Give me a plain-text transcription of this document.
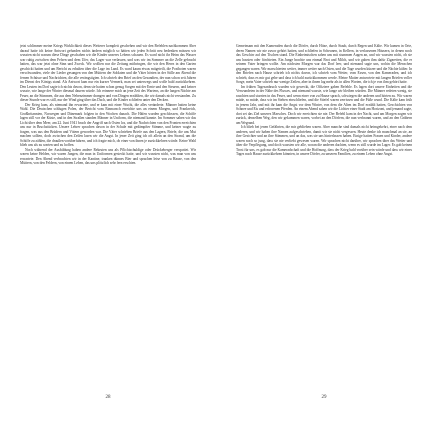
jetzt schlimmer meine Kriegs Wirklichkeit dieses Weiterer komplett geschehen und wir den Befehlen nachkommen Aber darauf hatte ich keine Antwort gefunden nichts ändern möglich so hätten wir jeden Schritt neu bedenken müssen wir wussten nicht warum diese Dinge geschahen wir die Kinder unseres Lebens schauen. Es ward nicht ihr Heim das Wasser war ruhig zwischen dem Felsen und dem Ufer, das Lager war verlassen, und was wir im Sommer an die Zelle gebracht hatten, das war jetzt ohne Sinn und Zweck. Wir wollten nur die Zeitung mitbringen, die wir den Herrn in den Garten geschickt hatten und um Bericht zu erhalten über die Lage im Land. Es ward kaum etwas mitgeteilt, die Postboten waren verschwunden, viele der Lieder gesungen von den Müttern der Soldaten und die Väter hörten in der Stille am Abend die fernen Schüsse und Nachrichten, die alle verängstigten. Ich schrieb den Brief an den Gesandten, der nun schon seit Jahren im Dienst des Königs stand. Als Antwort kam nur ein kurzer Vermerk, man sei unterwegs und wolle bald zurückkehren. Den Leuten im Dorf sagte ich nichts davon, denn sie hatten schon genug Sorgen mit der Ernte und den Steuern, und keiner wusste, wie lange der Winter diesmal dauern würde. Ich erinnere mich an jene Zeit des Wartens, an die langen Nächte am Feuer, an die Stimmen, die aus dem Nebenzimmer drangen und von Dingen erzählten, die wir damals nicht verstanden. Zu dieser Stunde war es still, nur der Wind ging über das Dach, und die Kinder schliefen unter den Decken.

Der Krieg kam, als niemand ihn erwartete, und er kam mit einer Wucht, die alles veränderte. Männer hatten keine Wahl. Die Deutschen schlugen Polen, der Bericht vom Einmarsch erreichte uns an einem Morgen, und Frankreich, Großbritannien, Norwegen und Dänemark folgten in den Wochen danach. Die Häfen wurden geschlossen, die Schiffe lagen still vor der Küste, und in den Straßen standen Männer in Uniform, die niemand kannte. Im Sommer sahen wir das Licht über dem Meer, am 22. Juni 1941 brach der Angriff nach Osten los, und die Nachrichten von den Fronten erreichten uns nur in Bruchstücken. Unsere Lehrer sprachen davon in der Schule mit gedämpfter Stimme, und keiner wagte zu fragen, was aus den Brüdern und Vätern geworden war. Die Väter schrieben Briefe aus den Lagern, Briefe, die uns Mut machen sollten, doch zwischen den Zeilen lasen wir die Angst. In jener Zeit ging ich oft allein an den Strand, um die Schiffe zu zählen, die draußen vorüberfuhren, und ich fragte mich, ob einer von ihnen je zurückkehren würde. Keine Wahl blieb uns als zu warten und zu hoffen.

Noch während der Ausbildung haben andere Rekruten uns als Pflichtschuldige oder Drückeberger verspottet. Wir waren keine Helden, wir waren Jungen, die man in Uniformen gesteckt hatte, und wir wussten nicht, was man von uns erwartete. Den Abend verbrachten wir in der Kantine, tranken dünnes Bier und sprachen leise von zu Hause, von den Müttern, von den Feldern, von einem Leben, das uns plötzlich sehr fern erschien.

28

Gemeinsam mit den Kameraden durch die Dörfer, durch Hitze, durch Staub, durch Regen und Kälte. Wir kamen in Orte, deren Namen wir nie zuvor gehört hatten, und schliefen in Scheunen, in Kellern, in verlassenen Häusern, in denen noch das Geschirr auf den Tischen stand. Die Einheimischen sahen uns mit stummen Augen an, und wir wussten nicht, ob sie uns hassten oder fürchteten. Ein Junge brachte uns einmal Brot und Milch, und wir gaben ihm dafür Zigaretten, die er seinem Vater bringen wollte. Am nächsten Morgen war das Dorf leer, und niemand sagte uns, wohin die Menschen gegangen waren. Wir marschierten weiter, immer weiter nach Osten, und die Tage wurden kürzer und die Nächte kälter. In den Briefen nach Hause schrieb ich nichts davon, ich schrieb vom Wetter, vom Essen, von den Kameraden, und ich schrieb, dass es mir gut gehe und dass ich bald zurückkommen werde. Meine Mutter antwortete mit langen Briefen voller Sorge, mein Vater schrieb nur wenige Zeilen, aber in ihnen lag mehr als in allen Worten, die ich je von ihm gehört hatte.

Im frühen Tagesanbruch wurden wir geweckt, die Offiziere gaben Befehle. Es lagen dort unsere Einheiten und die Verwundeten in der Nähe des Flusses, und niemand wusste, wie lange wir bleiben würden. Die Männer redeten wenig, sie rauchten und starrten in das Feuer, und wenn einer von zu Hause sprach, schwiegen die anderen und hörten zu. Wir waren müde, so müde, dass wir im Stehen einschliefen, und die Stiefel waren zerrissen und die Füße wund. Die Kälte kam früh in jenem Jahr, und mit ihr kam die Angst vor dem Winter, von dem die Alten im Dorf erzählt hatten, Geschichten von Schnee und Eis und erfrorenen Pferden. An einem Abend sahen wir die Lichter einer Stadt am Horizont, und jemand sagte, dort sei das Ziel unseres Marsches. Doch wir erreichten sie nie. Der Befehl kam in der Nacht, und am Morgen zogen wir zurück, denselben Weg, den wir gekommen waren, vorbei an den Dörfern, die nun verbrannt waren, und an den Gräbern am Wegrand.

Ich blieb bei jenen Gefährten, die mir geblieben waren. Aber manche sind damals nicht heimgekehrt, einer nach dem anderen, und wir haben ihre Namen aufgeschrieben, damit wir sie nicht vergessen. Heute denke ich manchmal an sie, an ihre Gesichter und an ihre Stimmen, und an das, was sie uns hinterlassen haben. Einige hatten Frauen und Kinder, andere waren noch so jung, dass sie nie verliebt gewesen waren. Wir sprachen nicht darüber, wir sprachen über das Wetter und über die Verpflegung, und doch wussten wir alle, woran die anderen dachten, wenn es still wurde im Lager. Es gab keinen Trost für uns, es gab nur die Kameradschaft und die Hoffnung, dass der Krieg bald vorüber sein würde und dass wir eines Tages nach Hause zurückkehren könnten, in unsere Dörfer, zu unseren Familien, zu einem Leben ohne Angst.

29
